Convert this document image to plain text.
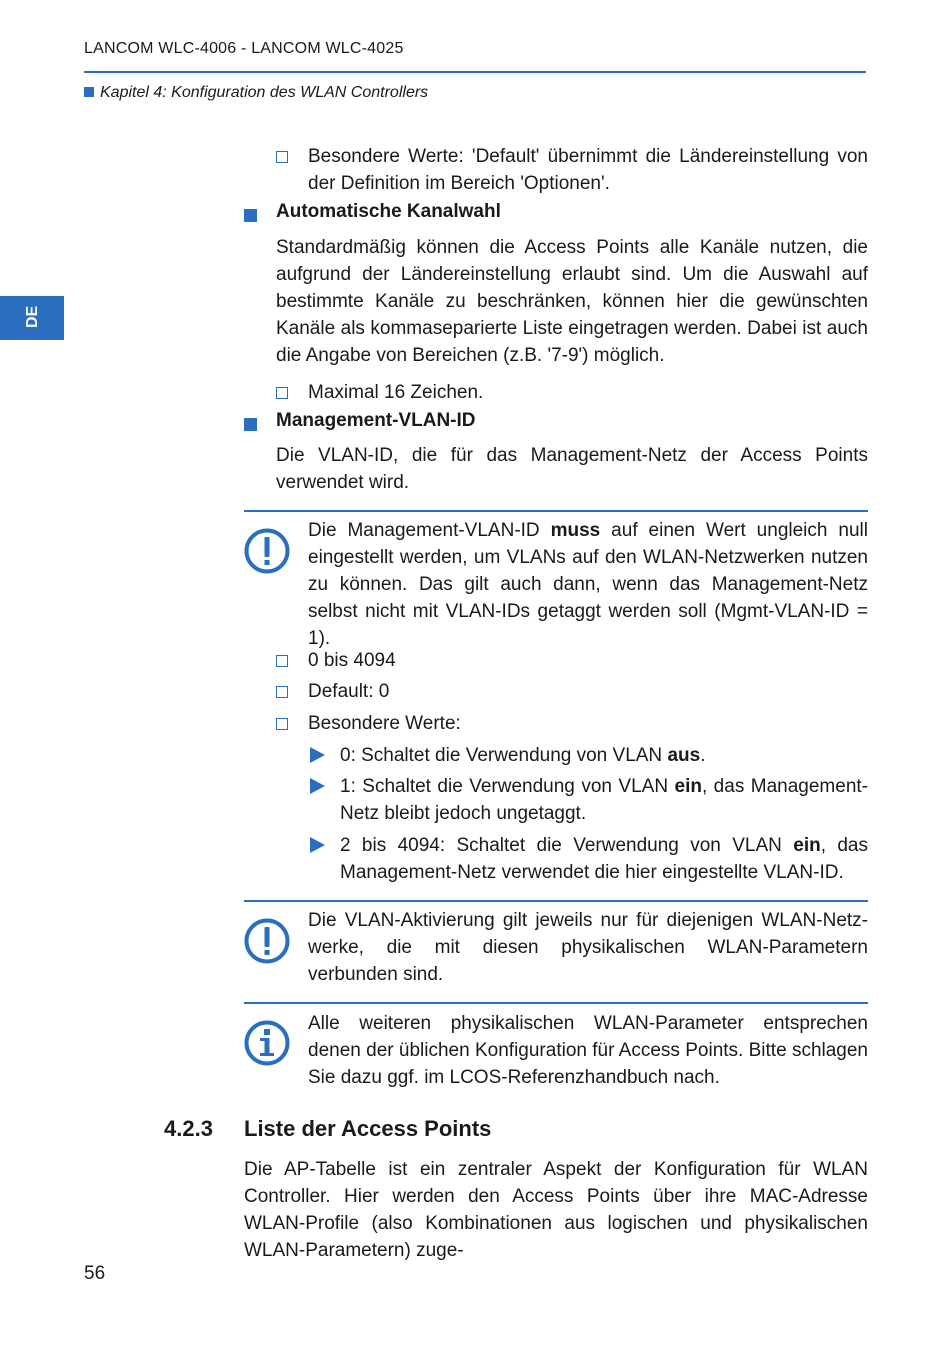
LANCOM WLC-4006 - LANCOM WLC-4025
Kapitel 4: Konfiguration des WLAN Controllers
DE
Besondere Werte: 'Default' übernimmt die Ländereinstellung von der Definition im Bereich 'Optionen'.
Automatische Kanalwahl
Standardmäßig können die Access Points alle Kanäle nutzen, die aufgrund der Ländereinstellung erlaubt sind. Um die Auswahl auf bestimmte Kanäle zu beschränken, können hier die gewünschten Kanäle als kommaseparierte Liste eingetragen werden. Dabei ist auch die Angabe von Bereichen (z.B. '7-9') möglich.
Maximal 16 Zeichen.
Management-VLAN-ID
Die VLAN-ID, die für das Management-Netz der Access Points verwendet wird.
Die Management-VLAN-ID muss auf einen Wert ungleich null eingestellt werden, um VLANs auf den WLAN-Netzwerken nutzen zu können. Das gilt auch dann, wenn das Management-Netz selbst nicht mit VLAN-IDs getaggt werden soll (Mgmt-VLAN-ID = 1).
0 bis 4094
Default: 0
Besondere Werte:
0: Schaltet die Verwendung von VLAN aus.
1: Schaltet die Verwendung von VLAN ein, das Management-Netz bleibt jedoch ungetaggt.
2 bis 4094: Schaltet die Verwendung von VLAN ein, das Management-Netz verwendet die hier eingestellte VLAN-ID.
Die VLAN-Aktivierung gilt jeweils nur für diejenigen WLAN-Netzwerke, die mit diesen physikalischen WLAN-Parametern verbunden sind.
Alle weiteren physikalischen WLAN-Parameter entsprechen denen der üblichen Konfiguration für Access Points. Bitte schlagen Sie dazu ggf. im LCOS-Referenzhandbuch nach.
4.2.3 Liste der Access Points
Die AP-Tabelle ist ein zentraler Aspekt der Konfiguration für WLAN Controller. Hier werden den Access Points über ihre MAC-Adresse WLAN-Profile (also Kombinationen aus logischen und physikalischen WLAN-Parametern) zuge-
56
